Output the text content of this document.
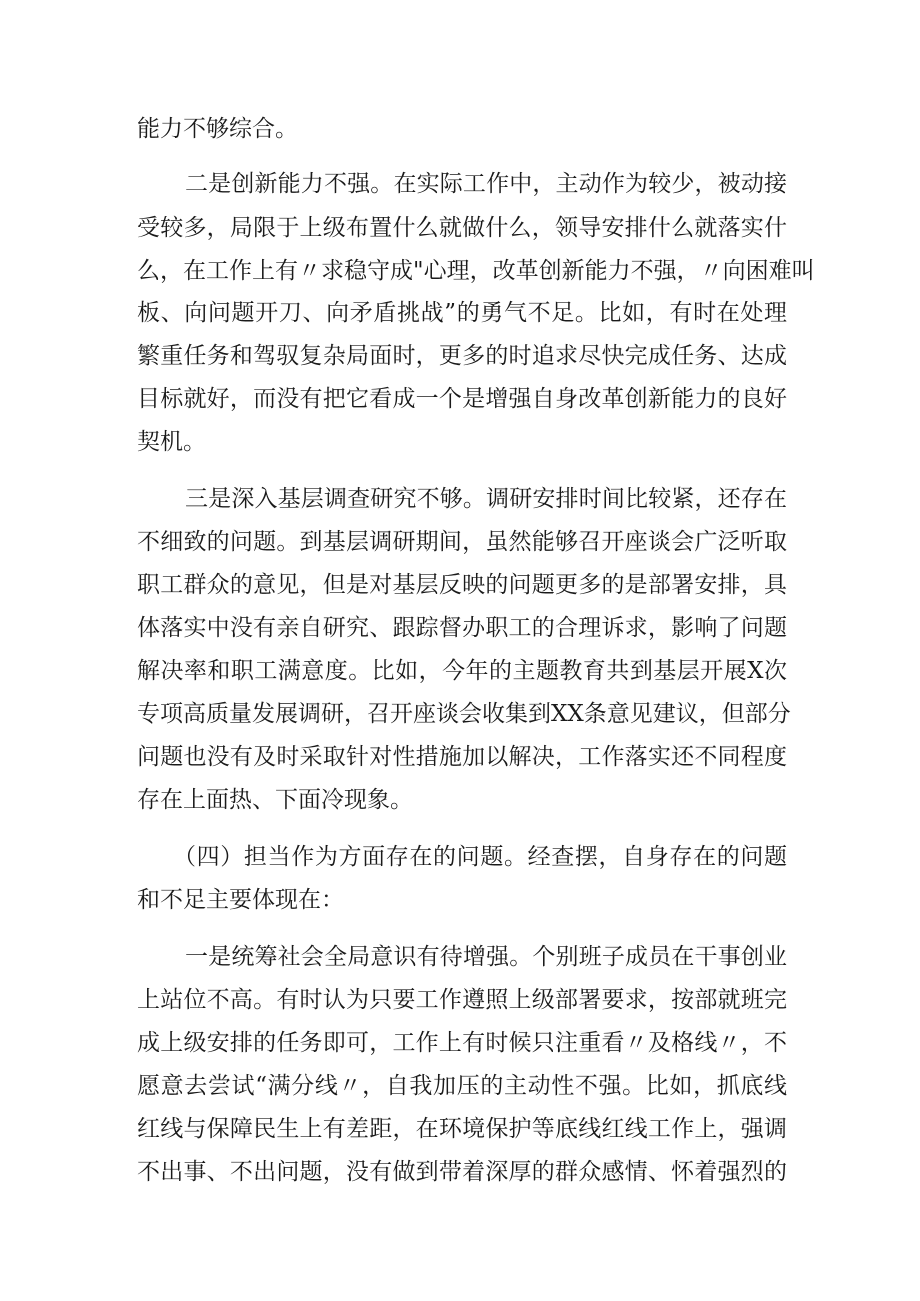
能力不够综合。
二是创新能力不强。在实际工作中，主动作为较少，被动接
受较多，局限于上级布置什么就做什么，领导安排什么就落实什
么，在工作上有〃求稳守成"心理，改革创新能力不强，〃向困难叫
板、向问题开刀、向矛盾挑战”的勇气不足。比如，有时在处理
繁重任务和驾驭复杂局面时，更多的时追求尽快完成任务、达成
目标就好，而没有把它看成一个是增强自身改革创新能力的良好
契机。
三是深入基层调查研究不够。调研安排时间比较紧，还存在
不细致的问题。到基层调研期间，虽然能够召开座谈会广泛听取
职工群众的意见，但是对基层反映的问题更多的是部署安排，具
体落实中没有亲自研究、跟踪督办职工的合理诉求，影响了问题
解决率和职工满意度。比如，今年的主题教育共到基层开展X次
专项高质量发展调研，召开座谈会收集到XX条意见建议，但部分
问题也没有及时采取针对性措施加以解决，工作落实还不同程度
存在上面热、下面冷现象。
（四）担当作为方面存在的问题。经查摆，自身存在的问题
和不足主要体现在：
一是统筹社会全局意识有待增强。个别班子成员在干事创业
上站位不高。有时认为只要工作遵照上级部署要求，按部就班完
成上级安排的任务即可，工作上有时候只注重看〃及格线〃，不
愿意去尝试“满分线〃，自我加压的主动性不强。比如，抓底线
红线与保障民生上有差距，在环境保护等底线红线工作上，强调
不出事、不出问题，没有做到带着深厚的群众感情、怀着强烈的
